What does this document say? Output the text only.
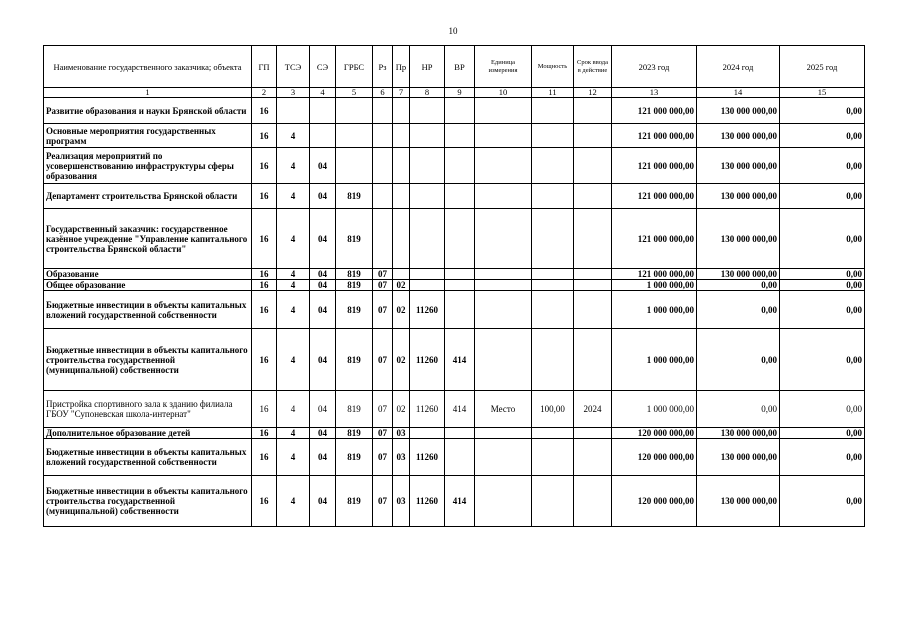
10
Наименование государственного заказчика; объекта	ГП	ТСЭ	СЭ	ГРБС	Рз	Пр	НР	ВР	Единица измерения	Мощность	Срок ввода в действие	2023 год	2024 год	2025 год
1	2	3	4	5	6	7	8	9	10	11	12	13	14	15
Развитие образования и науки Брянской области	16											121 000 000,00	130 000 000,00	0,00
Основные мероприятия государственных программ	16	4										121 000 000,00	130 000 000,00	0,00
Реализация мероприятий по усовершенствованию инфраструктуры сферы образования	16	4	04									121 000 000,00	130 000 000,00	0,00
Департамент строительства Брянской области	16	4	04	819								121 000 000,00	130 000 000,00	0,00
Государственный заказчик: государственное казённое учреждение "Управление капитального строительства Брянской области"	16	4	04	819								121 000 000,00	130 000 000,00	0,00
Образование	16	4	04	819	07							121 000 000,00	130 000 000,00	0,00
Общее образование	16	4	04	819	07	02						1 000 000,00	0,00	0,00
Бюджетные инвестиции в объекты капитальных вложений государственной собственности	16	4	04	819	07	02	11260					1 000 000,00	0,00	0,00
Бюджетные инвестиции в объекты капитального строительства государственной (муниципальной) собственности	16	4	04	819	07	02	11260	414				1 000 000,00	0,00	0,00
Пристройка спортивного зала к зданию филиала ГБОУ "Супоневская школа-интернат"	16	4	04	819	07	02	11260	414	Место	100,00	2024	1 000 000,00	0,00	0,00
Дополнительное образование детей	16	4	04	819	07	03						120 000 000,00	130 000 000,00	0,00
Бюджетные инвестиции в объекты капитальных вложений государственной собственности	16	4	04	819	07	03	11260					120 000 000,00	130 000 000,00	0,00
Бюджетные инвестиции в объекты капитального строительства государственной (муниципальной) собственности	16	4	04	819	07	03	11260	414				120 000 000,00	130 000 000,00	0,00
